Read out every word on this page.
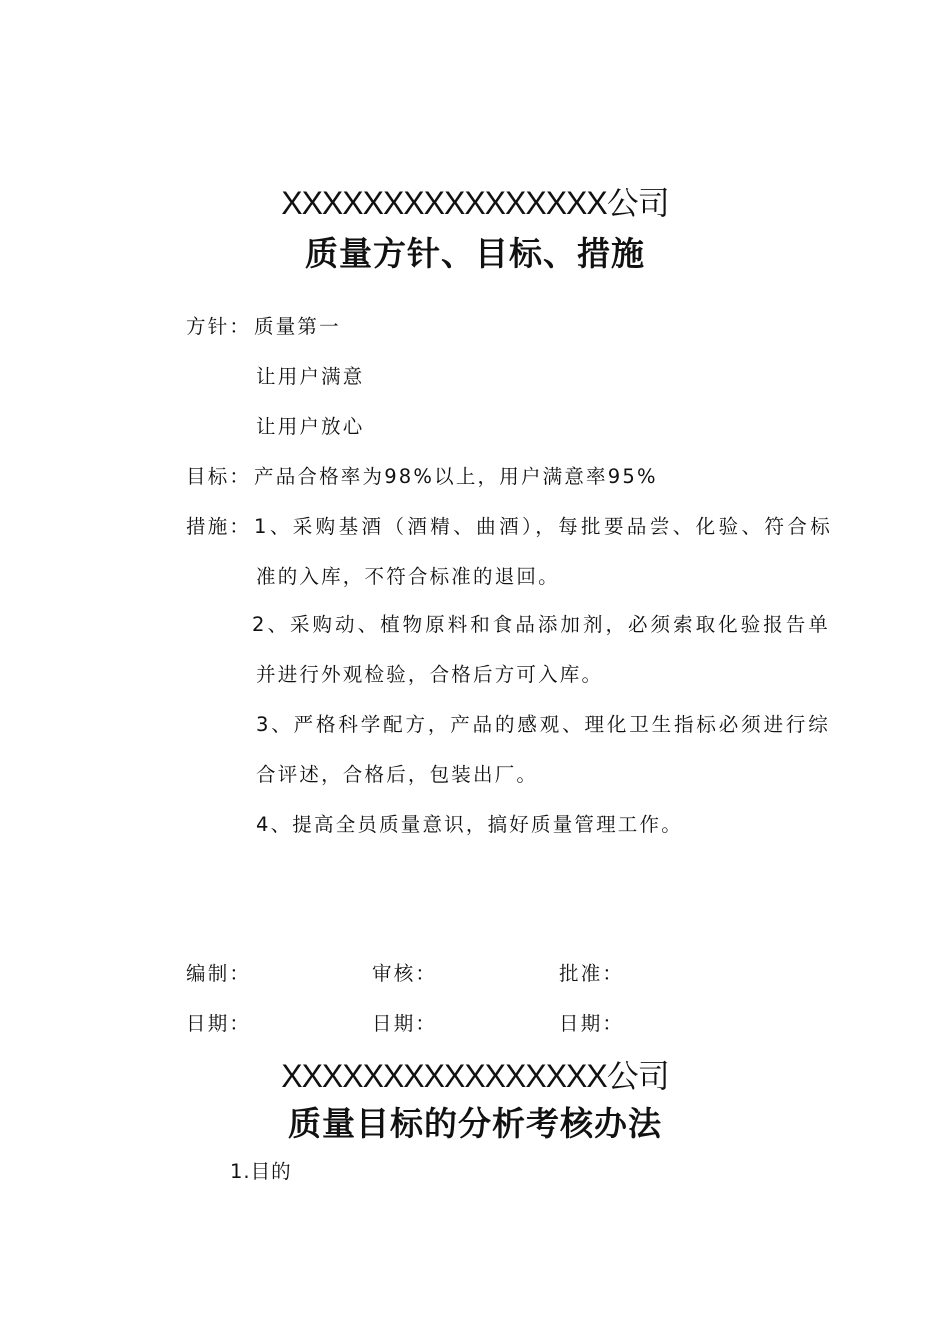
XXXXXXXXXXXXXXXX公司
质量方针、目标、措施
方针： 质量第一
让用户满意
让用户放心
目标： 产品合格率为98%以上，用户满意率95%
措施： 1、采购基酒（酒精、曲酒），每批要品尝、化验、符合标
准的入库，不符合标准的退回。
2、采购动、植物原料和食品添加剂，必须索取化验报告单
并进行外观检验，合格后方可入库。
3、严格科学配方，产品的感观、理化卫生指标必须进行综
合评述，合格后，包装出厂。
4、提高全员质量意识，搞好质量管理工作。
编制：	审核：	批准：
日期：	日期：	日期：
XXXXXXXXXXXXXXXX公司
质量目标的分析考核办法
1.目的
